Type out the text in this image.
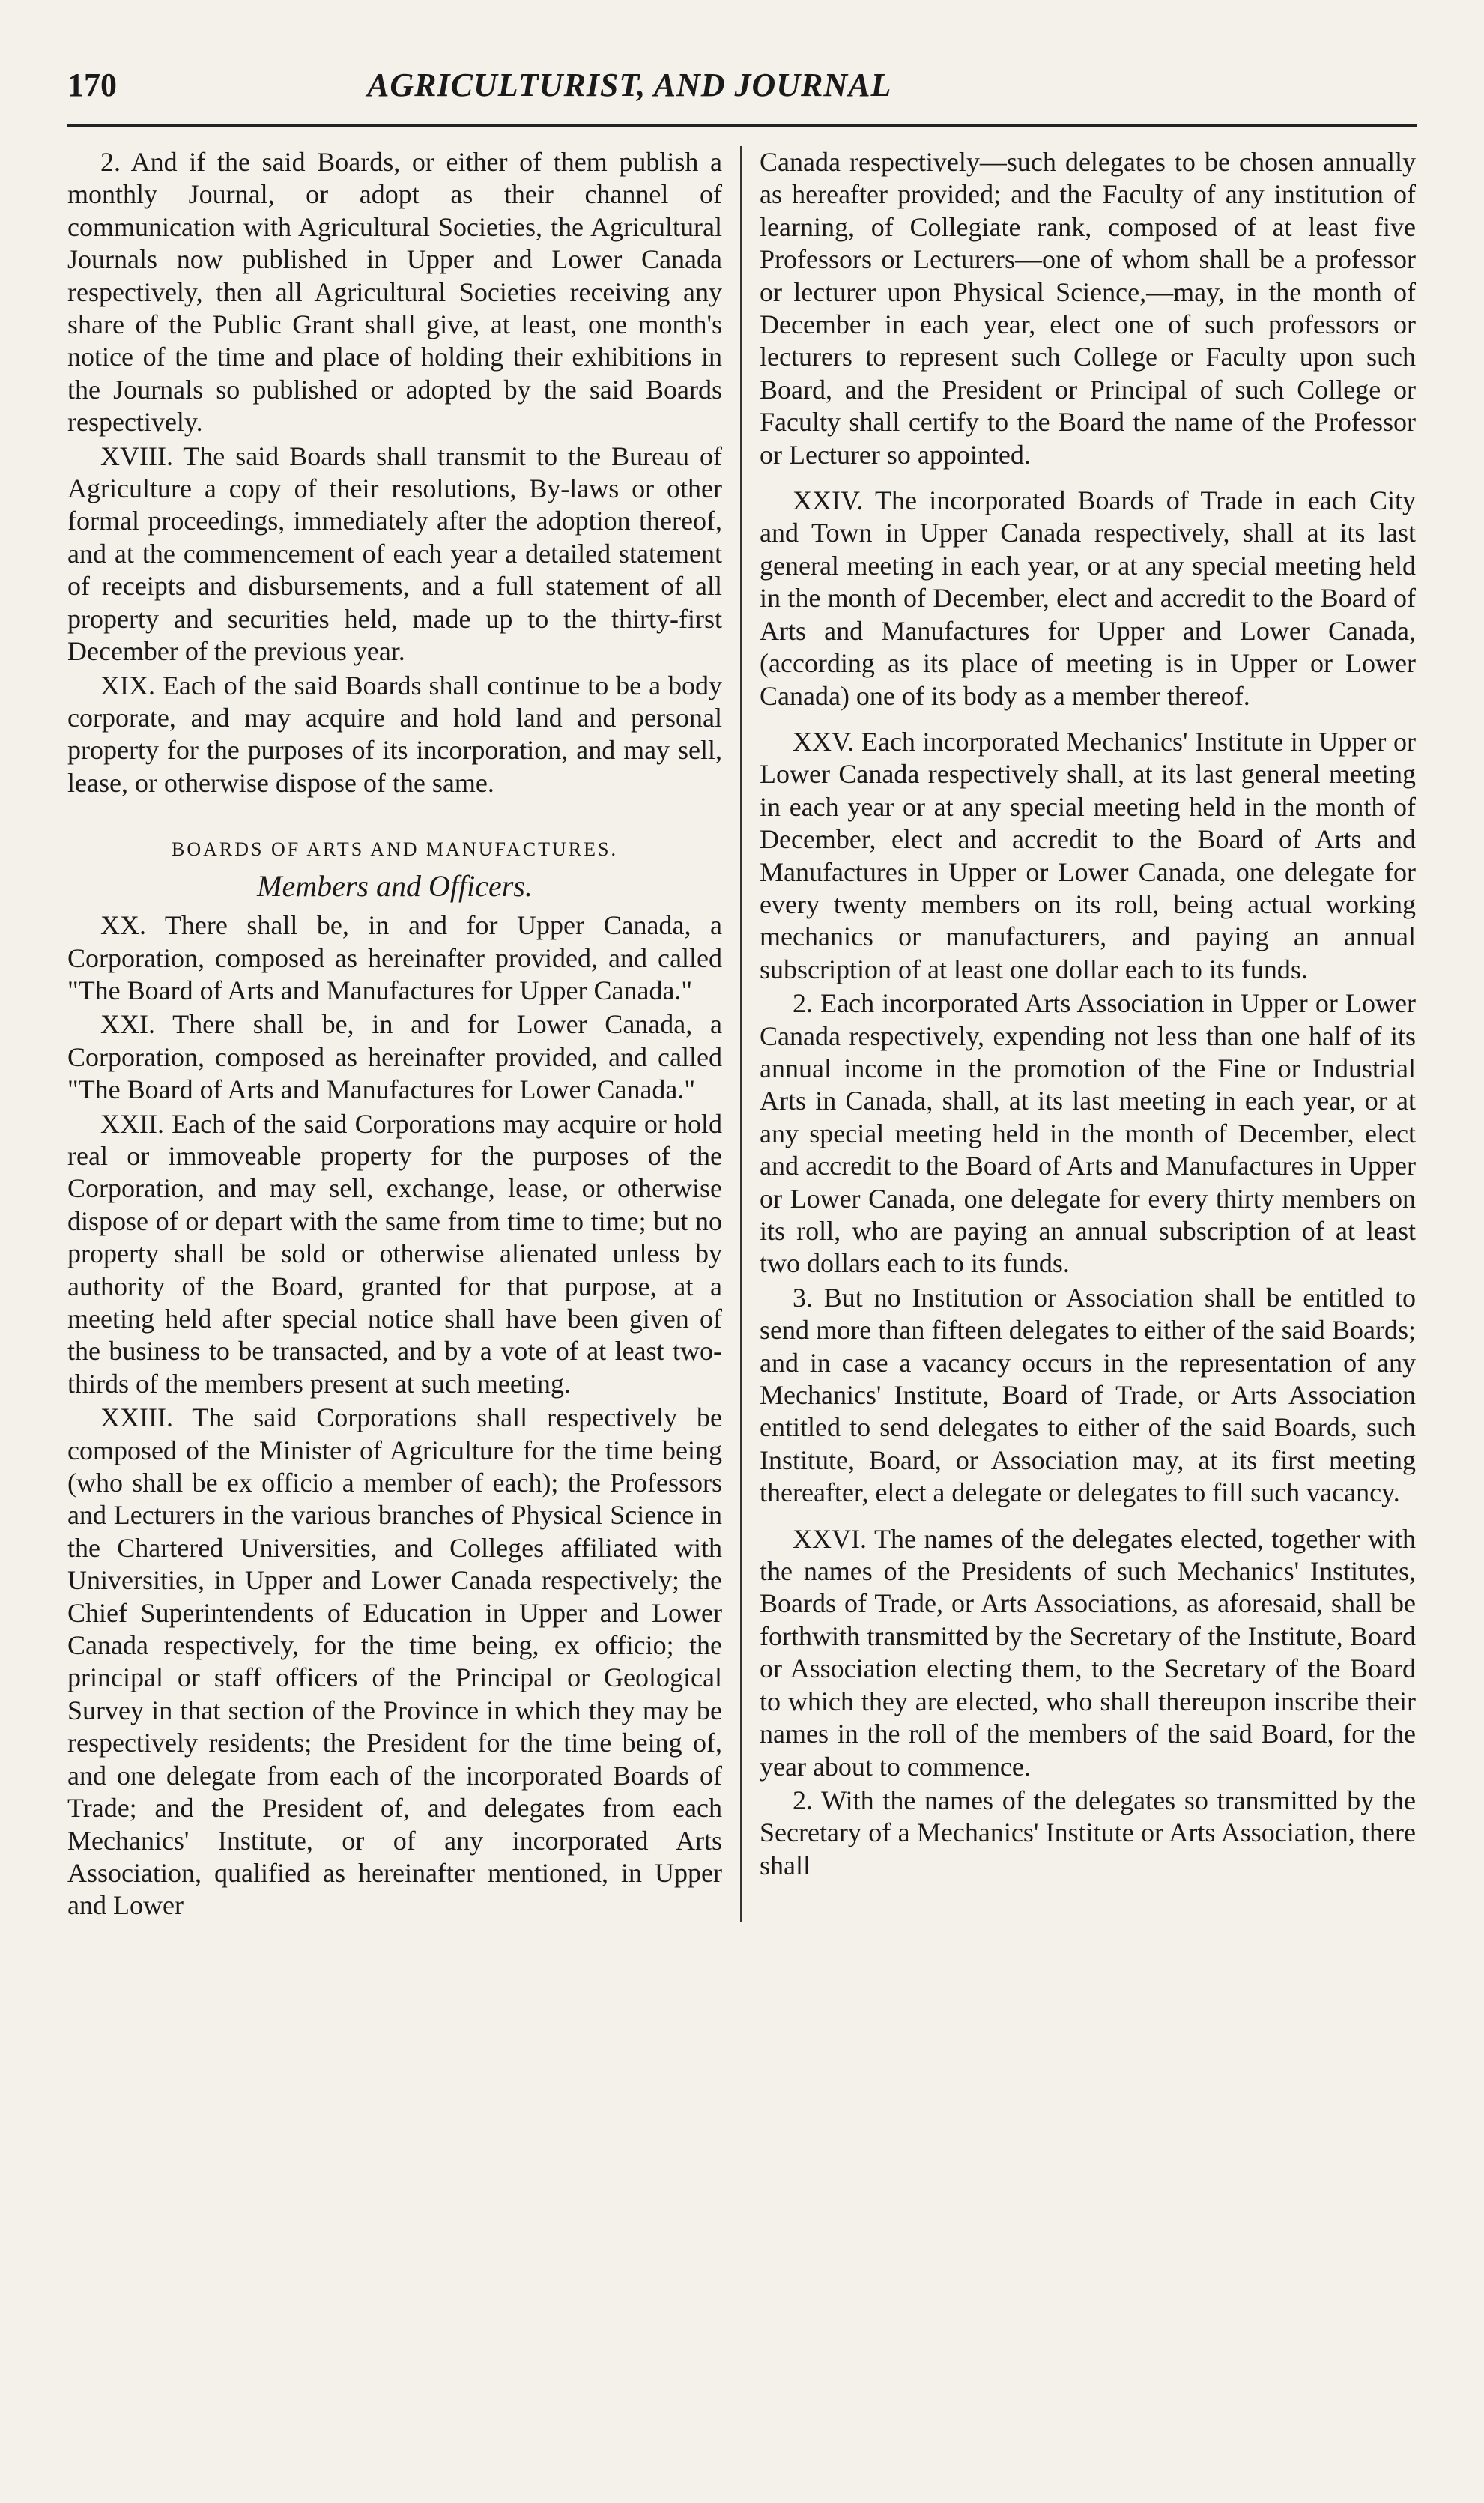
170	AGRICULTURIST, AND JOURNAL

2. And if the said Boards, or either of them publish a monthly Journal, or adopt as their channel of communication with Agricultural Societies, the Agricultural Journals now published in Upper and Lower Canada respectively, then all Agricultural Societies receiving any share of the Public Grant shall give, at least, one month's notice of the time and place of holding their exhibitions in the Journals so published or adopted by the said Boards respectively.

XVIII. The said Boards shall transmit to the Bureau of Agriculture a copy of their resolutions, By-laws or other formal proceedings, immediately after the adoption thereof, and at the commencement of each year a detailed statement of receipts and disbursements, and a full statement of all property and securities held, made up to the thirty-first December of the previous year.

XIX. Each of the said Boards shall continue to be a body corporate, and may acquire and hold land and personal property for the purposes of its incorporation, and may sell, lease, or otherwise dispose of the same.

BOARDS OF ARTS AND MANUFACTURES.
Members and Officers.

XX. There shall be, in and for Upper Canada, a Corporation, composed as hereinafter provided, and called "The Board of Arts and Manufactures for Upper Canada."

XXI. There shall be, in and for Lower Canada, a Corporation, composed as hereinafter provided, and called "The Board of Arts and Manufactures for Lower Canada."

XXII. Each of the said Corporations may acquire or hold real or immoveable property for the purposes of the Corporation, and may sell, exchange, lease, or otherwise dispose of or depart with the same from time to time; but no property shall be sold or otherwise alienated unless by authority of the Board, granted for that purpose, at a meeting held after special notice shall have been given of the business to be transacted, and by a vote of at least two-thirds of the members present at such meeting.

XXIII. The said Corporations shall respectively be composed of the Minister of Agriculture for the time being (who shall be ex officio a member of each); the Professors and Lecturers in the various branches of Physical Science in the Chartered Universities, and Colleges affiliated with Universities, in Upper and Lower Canada respectively; the Chief Superintendents of Education in Upper and Lower Canada respectively, for the time being, ex officio; the principal or staff officers of the Principal or Geological Survey in that section of the Province in which they may be respectively residents; the President for the time being of, and one delegate from each of the incorporated Boards of Trade; and the President of, and delegates from each Mechanics' Institute, or of any incorporated Arts Association, qualified as hereinafter mentioned, in Upper and Lower

Canada respectively—such delegates to be chosen annually as hereafter provided; and the Faculty of any institution of learning, of Collegiate rank, composed of at least five Professors or Lecturers—one of whom shall be a professor or lecturer upon Physical Science,—may, in the month of December in each year, elect one of such professors or lecturers to represent such College or Faculty upon such Board, and the President or Principal of such College or Faculty shall certify to the Board the name of the Professor or Lecturer so appointed.

XXIV. The incorporated Boards of Trade in each City and Town in Upper Canada respectively, shall at its last general meeting in each year, or at any special meeting held in the month of December, elect and accredit to the Board of Arts and Manufactures for Upper and Lower Canada, (according as its place of meeting is in Upper or Lower Canada) one of its body as a member thereof.

XXV. Each incorporated Mechanics' Institute in Upper or Lower Canada respectively shall, at its last general meeting in each year or at any special meeting held in the month of December, elect and accredit to the Board of Arts and Manufactures in Upper or Lower Canada, one delegate for every twenty members on its roll, being actual working mechanics or manufacturers, and paying an annual subscription of at least one dollar each to its funds.

2. Each incorporated Arts Association in Upper or Lower Canada respectively, expending not less than one half of its annual income in the promotion of the Fine or Industrial Arts in Canada, shall, at its last meeting in each year, or at any special meeting held in the month of December, elect and accredit to the Board of Arts and Manufactures in Upper or Lower Canada, one delegate for every thirty members on its roll, who are paying an annual subscription of at least two dollars each to its funds.

3. But no Institution or Association shall be entitled to send more than fifteen delegates to either of the said Boards; and in case a vacancy occurs in the representation of any Mechanics' Institute, Board of Trade, or Arts Association entitled to send delegates to either of the said Boards, such Institute, Board, or Association may, at its first meeting thereafter, elect a delegate or delegates to fill such vacancy.

XXVI. The names of the delegates elected, together with the names of the Presidents of such Mechanics' Institutes, Boards of Trade, or Arts Associations, as aforesaid, shall be forthwith transmitted by the Secretary of the Institute, Board or Association electing them, to the Secretary of the Board to which they are elected, who shall thereupon inscribe their names in the roll of the members of the said Board, for the year about to commence.

2. With the names of the delegates so transmitted by the Secretary of a Mechanics' Institute or Arts Association, there shall
